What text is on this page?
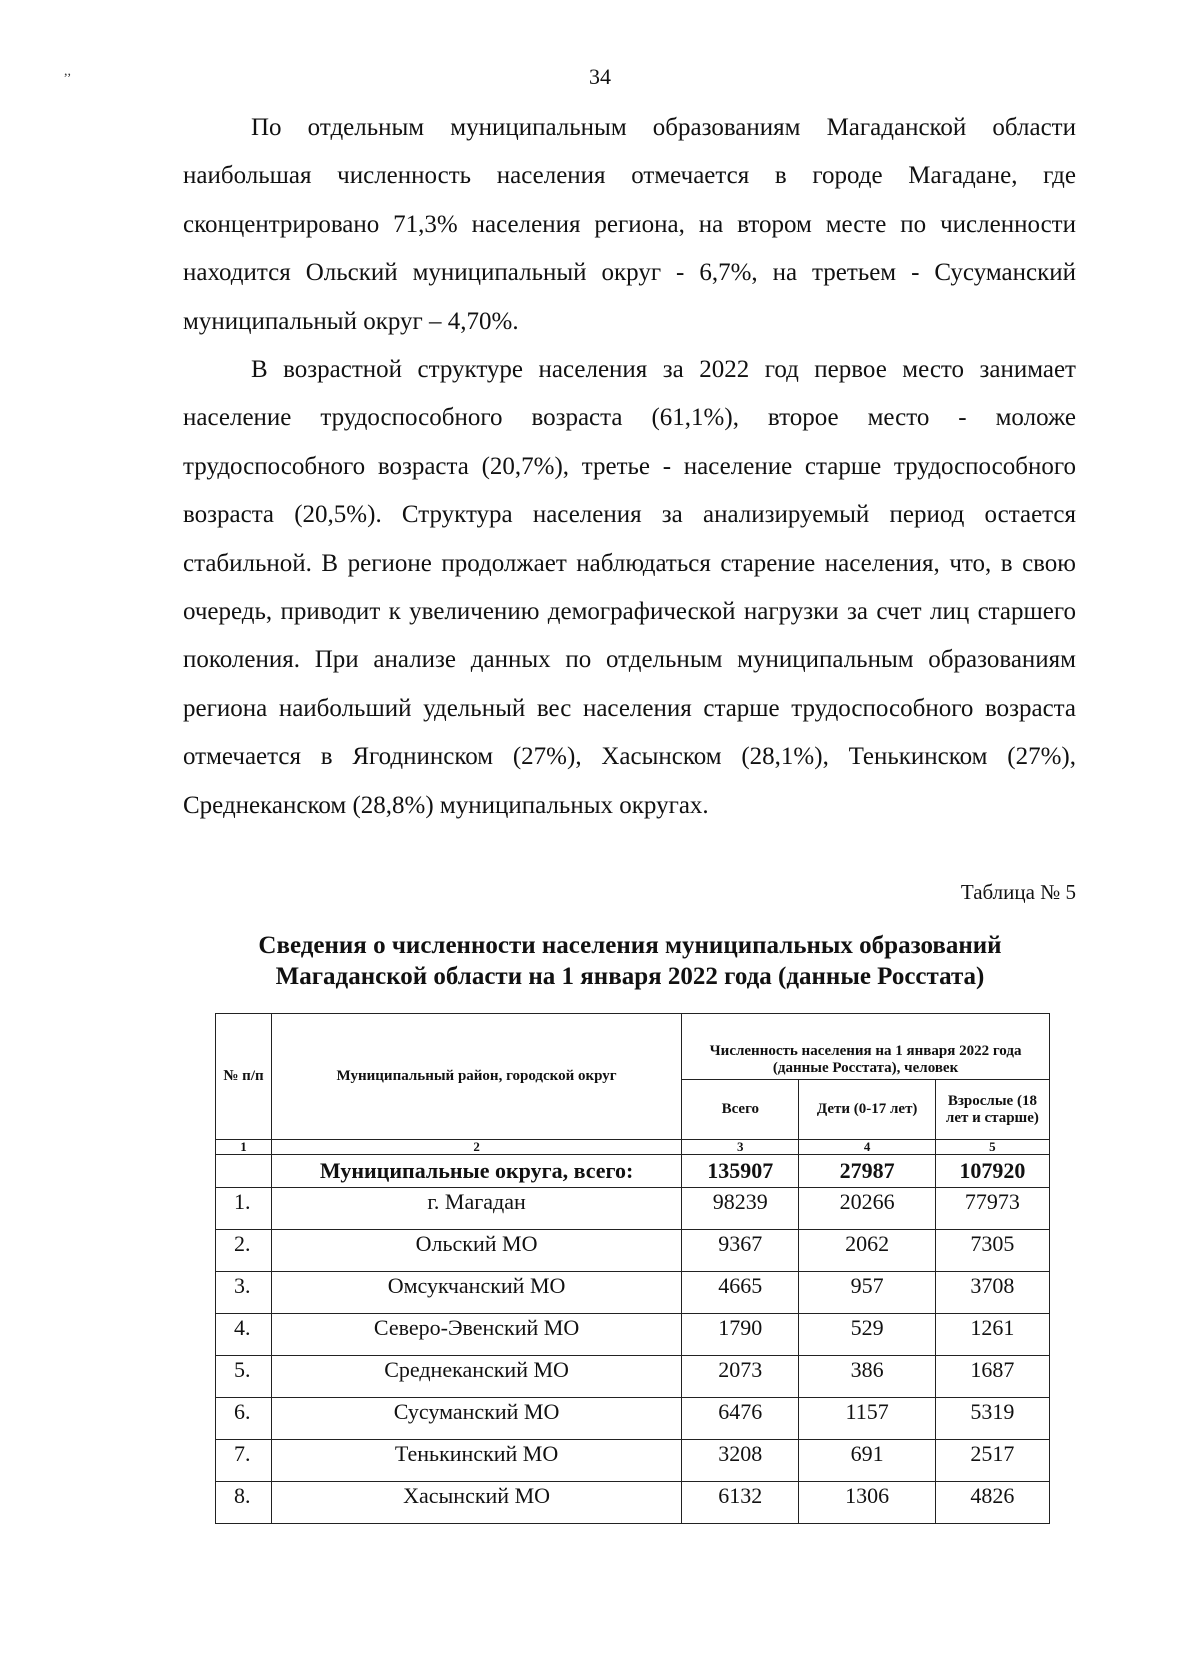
,,	34

По отдельным муниципальным образованиям Магаданской области наибольшая численность населения отмечается в городе Магадане, где сконцентрировано 71,3% населения региона, на втором месте по численности находится Ольский муниципальный округ - 6,7%, на третьем - Сусуманский муниципальный округ – 4,70%.

В возрастной структуре населения за 2022 год первое место занимает население трудоспособного возраста (61,1%), второе место - моложе трудоспособного возраста (20,7%), третье - население старше трудоспособного возраста (20,5%). Структура населения за анализируемый период остается стабильной. В регионе продолжает наблюдаться старение населения, что, в свою очередь, приводит к увеличению демографической нагрузки за счет лиц старшего поколения. При анализе данных по отдельным муниципальным образованиям региона наибольший удельный вес населения старше трудоспособного возраста отмечается в Ягоднинском (27%), Хасынском (28,1%), Тенькинском (27%), Среднеканском (28,8%) муниципальных округах.

Таблица № 5
Сведения о численности населения муниципальных образований
Магаданской области на 1 января 2022 года (данные Росстата)
№ п/п	Муниципальный район, городской округ	Численность населения на 1 января 2022 года (данные Росстата), человек		
		Всего	Дети (0-17 лет)	Взрослые (18 лет и старше)
1	2	3	4	5
	Муниципальные округа, всего:	135907	27987	107920
1.	г. Магадан	98239	20266	77973
2.	Ольский МО	9367	2062	7305
3.	Омсукчанский МО	4665	957	3708
4.	Северо-Эвенский МО	1790	529	1261
5.	Среднеканский МО	2073	386	1687
6.	Сусуманский МО	6476	1157	5319
7.	Тенькинский МО	3208	691	2517
8.	Хасынский МО	6132	1306	4826
